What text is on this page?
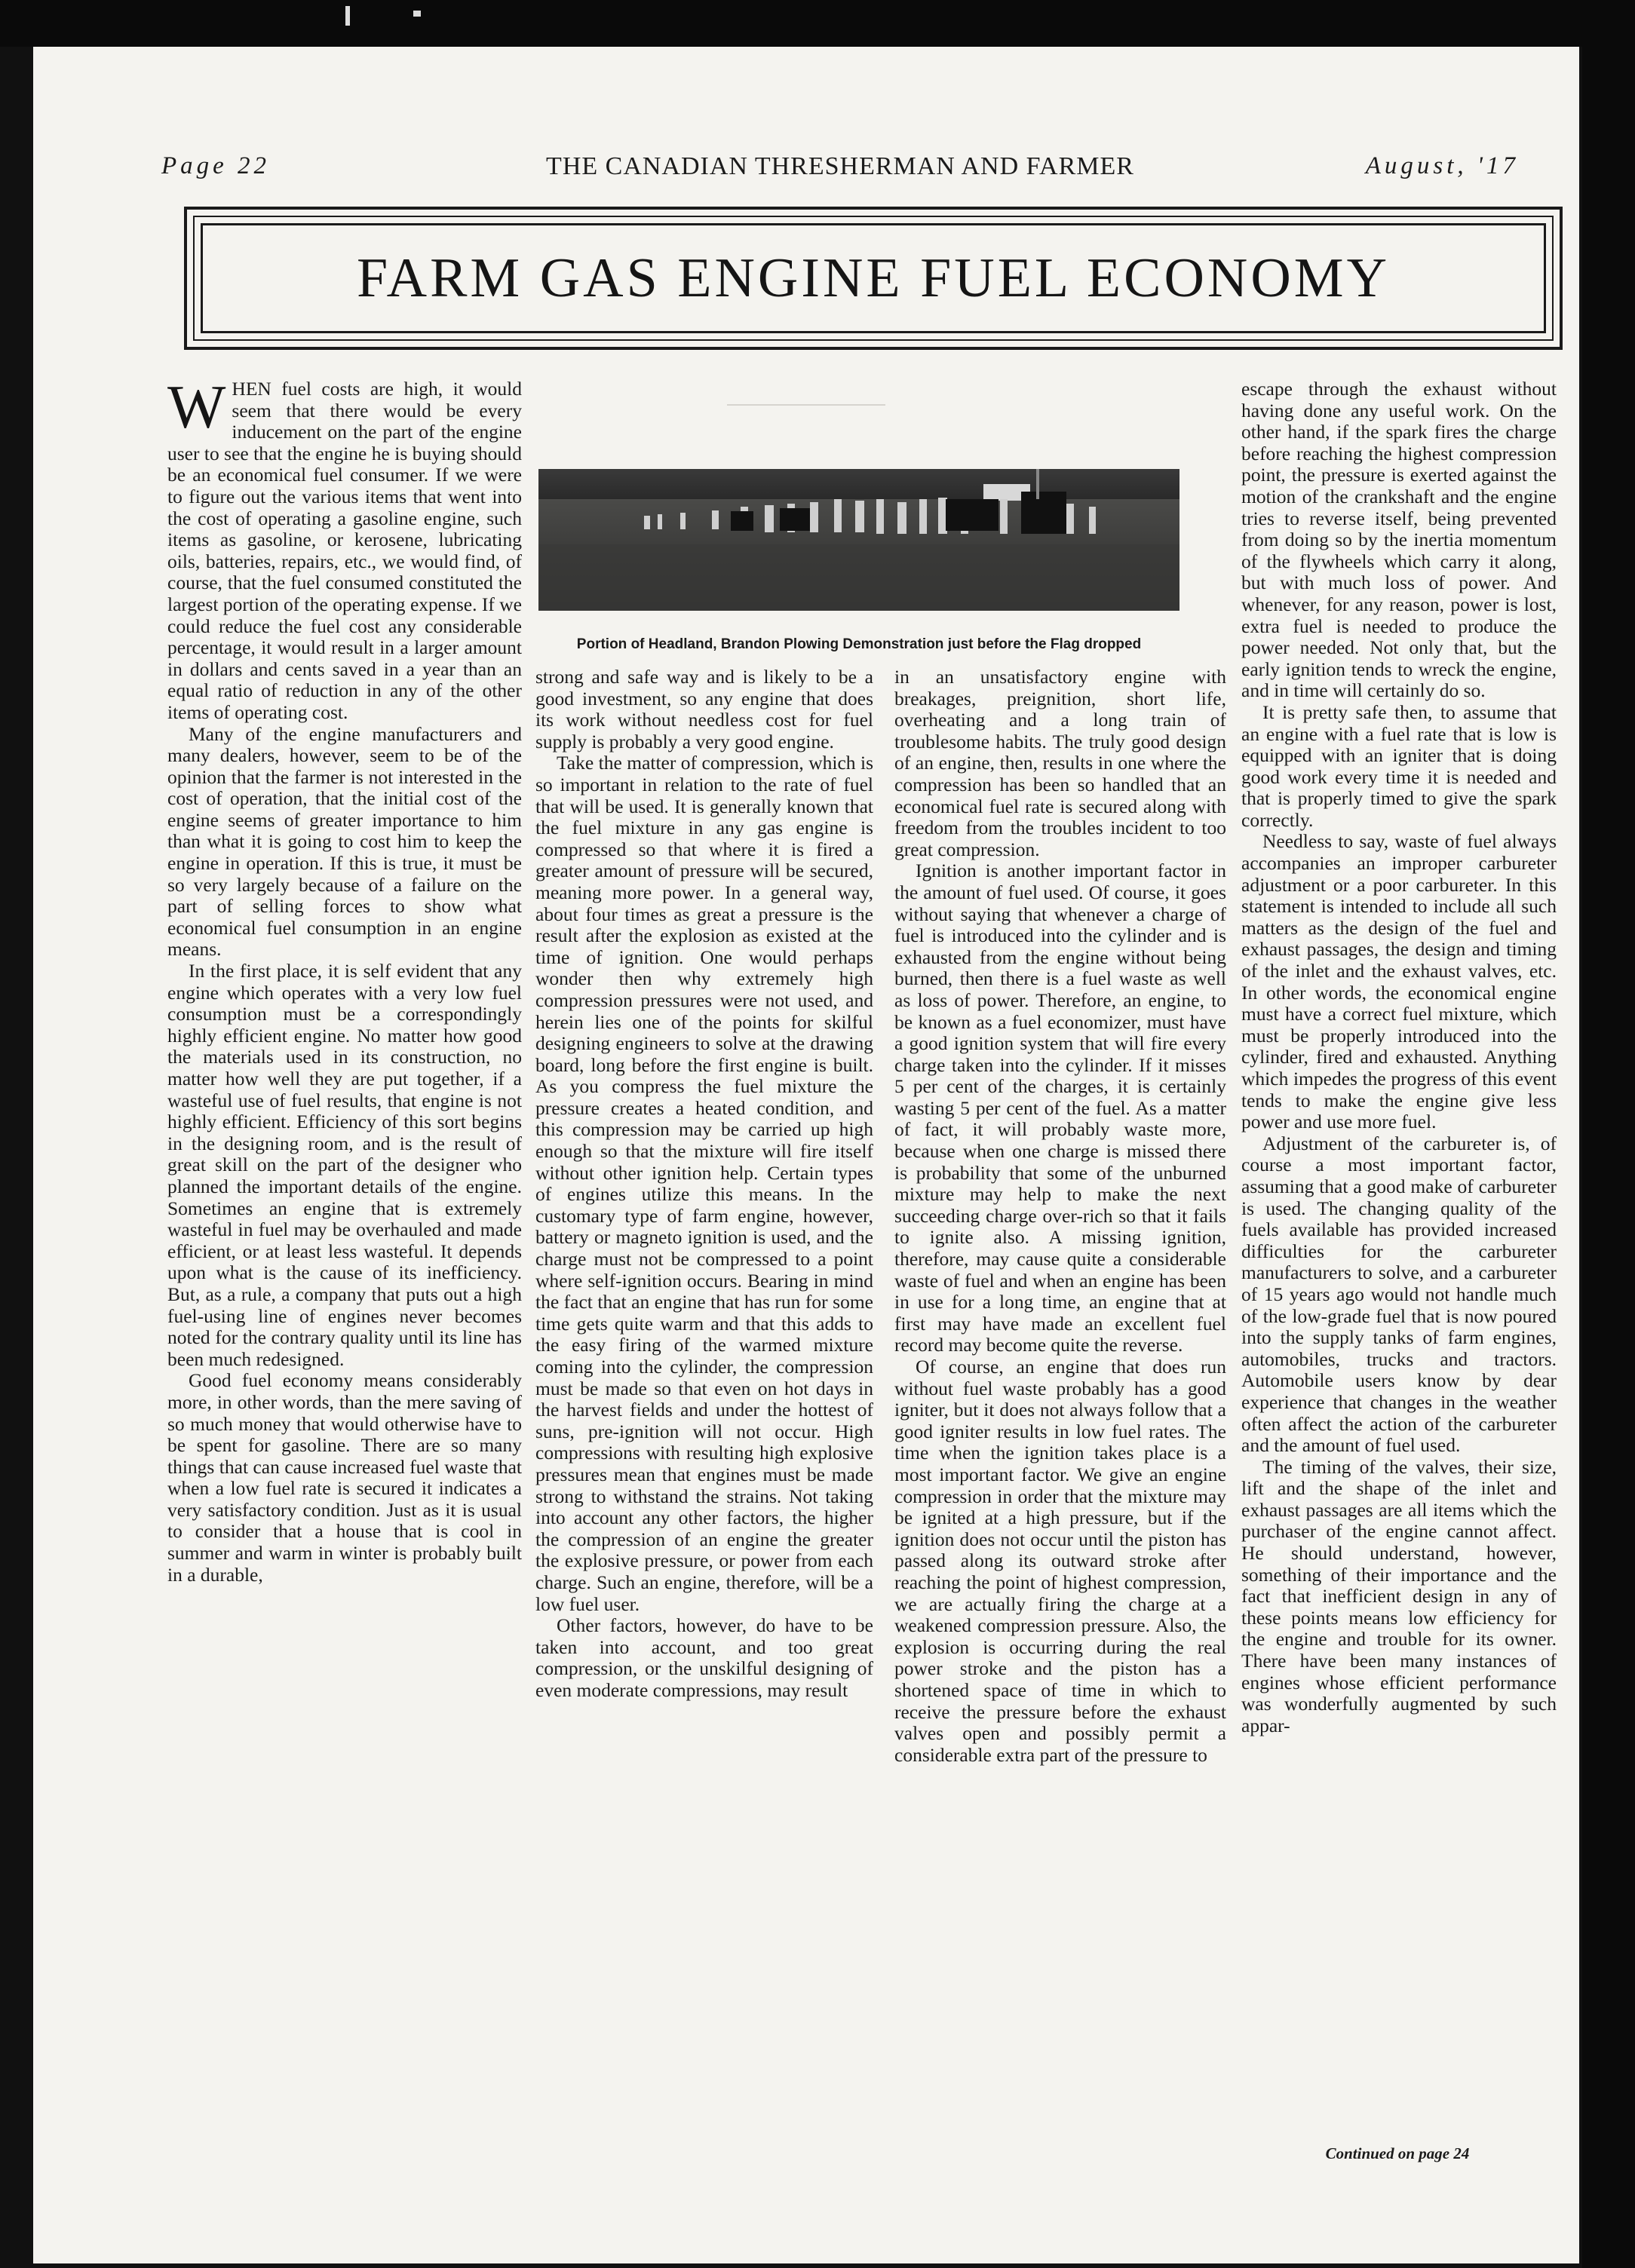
Page 22	THE CANADIAN THRESHERMAN AND FARMER	August, '17
FARM GAS ENGINE FUEL ECONOMY
W HEN fuel costs are high, it would seem that there would be every inducement on the part of the engine user to see that the engine he is buying should be an economical fuel consumer. If we were to figure out the various items that went into the cost of operating a gasoline engine, such items as gasoline, or kerosene, lubricating oils, batteries, repairs, etc., we would find, of course, that the fuel consumed constituted the largest portion of the operating expense. If we could reduce the fuel cost any considerable percentage, it would result in a larger amount in dollars and cents saved in a year than an equal ratio of reduction in any of the other items of operating cost.

Many of the engine manufacturers and many dealers, however, seem to be of the opinion that the farmer is not interested in the cost of operation, that the initial cost of the engine seems of greater importance to him than what it is going to cost him to keep the engine in operation. If this is true, it must be so very largely because of a failure on the part of selling forces to show what economical fuel consumption in an engine means.

In the first place, it is self evident that any engine which operates with a very low fuel consumption must be a correspondingly highly efficient engine. No matter how good the materials used in its construction, no matter how well they are put together, if a wasteful use of fuel results, that engine is not highly efficient. Efficiency of this sort begins in the designing room, and is the result of great skill on the part of the designer who planned the important details of the engine. Sometimes an engine that is extremely wasteful in fuel may be overhauled and made efficient, or at least less wasteful. It depends upon what is the cause of its inefficiency. But, as a rule, a company that puts out a high fuel-using line of engines never becomes noted for the contrary quality until its line has been much redesigned.

Good fuel economy means considerably more, in other words, than the mere saving of so much money that would otherwise have to be spent for gasoline. There are so many things that can cause increased fuel waste that when a low fuel rate is secured it indicates a very satisfactory condition. Just as it is usual to consider that a house that is cool in summer and warm in winter is probably built in a durable,

Portion of Headland, Brandon Plowing Demonstration just before the Flag dropped

strong and safe way and is likely to be a good investment, so any engine that does its work without needless cost for fuel supply is probably a very good engine.

Take the matter of compression, which is so important in relation to the rate of fuel that will be used. It is generally known that the fuel mixture in any gas engine is compressed so that where it is fired a greater amount of pressure will be secured, meaning more power. In a general way, about four times as great a pressure is the result after the explosion as existed at the time of ignition. One would perhaps wonder then why extremely high compression pressures were not used, and herein lies one of the points for skilful designing engineers to solve at the drawing board, long before the first engine is built. As you compress the fuel mixture the pressure creates a heated condition, and this compression may be carried up high enough so that the mixture will fire itself without other ignition help. Certain types of engines utilize this means. In the customary type of farm engine, however, battery or magneto ignition is used, and the charge must not be compressed to a point where self-ignition occurs. Bearing in mind the fact that an engine that has run for some time gets quite warm and that this adds to the easy firing of the warmed mixture coming into the cylinder, the compression must be made so that even on hot days in the harvest fields and under the hottest of suns, pre-ignition will not occur. High compressions with resulting high explosive pressures mean that engines must be made strong to withstand the strains. Not taking into account any other factors, the higher the compression of an engine the greater the explosive pressure, or power from each charge. Such an engine, therefore, will be a low fuel user.

Other factors, however, do have to be taken into account, and too great compression, or the unskilful designing of even moderate compressions, may result

in an unsatisfactory engine with breakages, preignition, short life, overheating and a long train of troublesome habits. The truly good design of an engine, then, results in one where the compression has been so handled that an economical fuel rate is secured along with freedom from the troubles incident to too great compression.

Ignition is another important factor in the amount of fuel used. Of course, it goes without saying that whenever a charge of fuel is introduced into the cylinder and is exhausted from the engine without being burned, then there is a fuel waste as well as loss of power. Therefore, an engine, to be known as a fuel economizer, must have a good ignition system that will fire every charge taken into the cylinder. If it misses 5 per cent of the charges, it is certainly wasting 5 per cent of the fuel. As a matter of fact, it will probably waste more, because when one charge is missed there is probability that some of the unburned mixture may help to make the next succeeding charge over-rich so that it fails to ignite also. A missing ignition, therefore, may cause quite a considerable waste of fuel and when an engine has been in use for a long time, an engine that at first may have made an excellent fuel record may become quite the reverse.

Of course, an engine that does run without fuel waste probably has a good igniter, but it does not always follow that a good igniter results in low fuel rates. The time when the ignition takes place is a most important factor. We give an engine compression in order that the mixture may be ignited at a high pressure, but if the ignition does not occur until the piston has passed along its outward stroke after reaching the point of highest compression, we are actually firing the charge at a weakened compression pressure. Also, the explosion is occurring during the real power stroke and the piston has a shortened space of time in which to receive the pressure before the exhaust valves open and possibly permit a considerable extra part of the pressure to

escape through the exhaust without having done any useful work. On the other hand, if the spark fires the charge before reaching the highest compression point, the pressure is exerted against the motion of the crankshaft and the engine tries to reverse itself, being prevented from doing so by the inertia momentum of the flywheels which carry it along, but with much loss of power. And whenever, for any reason, power is lost, extra fuel is needed to produce the power needed. Not only that, but the early ignition tends to wreck the engine, and in time will certainly do so.

It is pretty safe then, to assume that an engine with a fuel rate that is low is equipped with an igniter that is doing good work every time it is needed and that is properly timed to give the spark correctly.

Needless to say, waste of fuel always accompanies an improper carbureter adjustment or a poor carbureter. In this statement is intended to include all such matters as the design of the fuel and exhaust passages, the design and timing of the inlet and the exhaust valves, etc. In other words, the economical engine must have a correct fuel mixture, which must be properly introduced into the cylinder, fired and exhausted. Anything which impedes the progress of this event tends to make the engine give less power and use more fuel.

Adjustment of the carbureter is, of course a most important factor, assuming that a good make of carbureter is used. The changing quality of the fuels available has provided increased difficulties for the carbureter manufacturers to solve, and a carbureter of 15 years ago would not handle much of the low-grade fuel that is now poured into the supply tanks of farm engines, automobiles, trucks and tractors. Automobile users know by dear experience that changes in the weather often affect the action of the carbureter and the amount of fuel used.

The timing of the valves, their size, lift and the shape of the inlet and exhaust passages are all items which the purchaser of the engine cannot affect. He should understand, however, something of their importance and the fact that inefficient design in any of these points means low efficiency for the engine and trouble for its owner. There have been many instances of engines whose efficient performance was wonderfully augmented by such appar-

Continued on page 24
